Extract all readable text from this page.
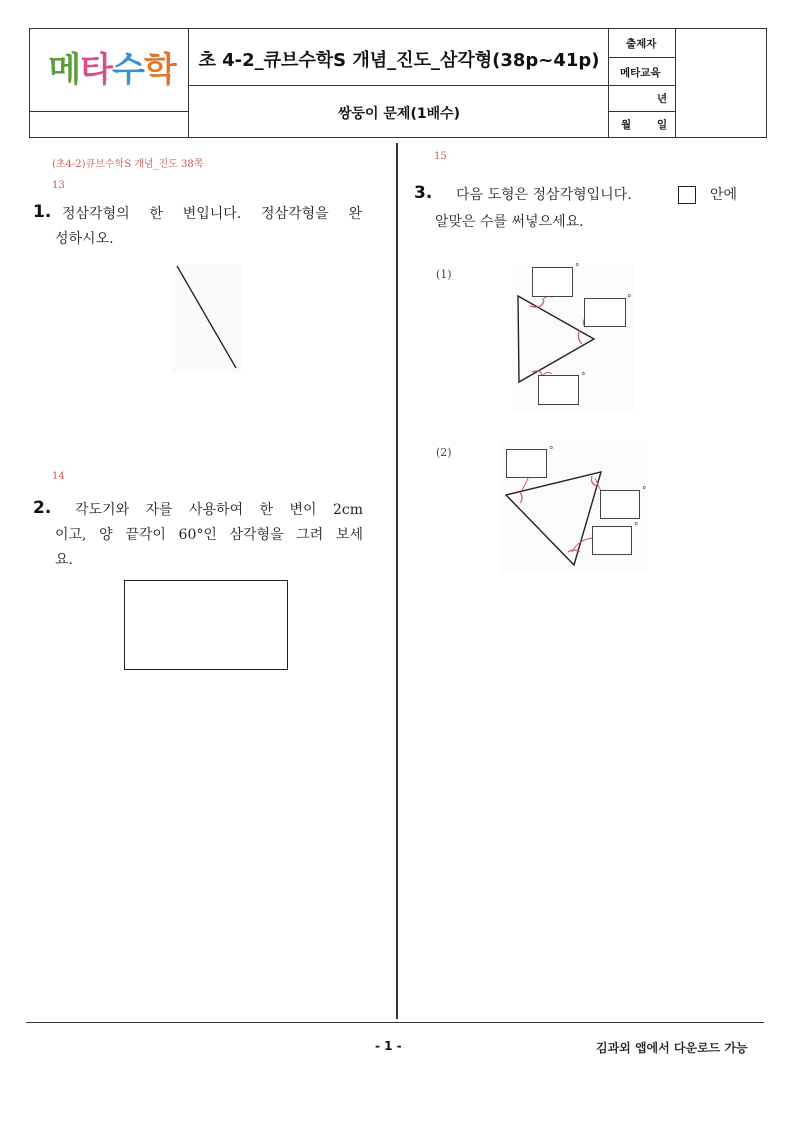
메 타 수 학	초 4-2_큐브수학S 개념_진도_삼각형(38p~41p)
쌍둥이 문제(1배수)
출제자
메타교육
년
월 일
(초4-2)큐브수학S 개념_진도 38쪽
13
1. 정삼각형의 한 변입니다. 정삼각형을 완
성하시오.
14
2. 각도기와 자를 사용하여 한 변이 2cm
이고, 양 끝각이 60°인 삼각형을 그려 보세
요.
15
3. 다음 도형은 정삼각형입니다.	안에
알맞은 수를 써넣으세요.
(1)
(2)
°
°
°
°
°
°
- 1 -	김과외 앱에서 다운로드 가능
